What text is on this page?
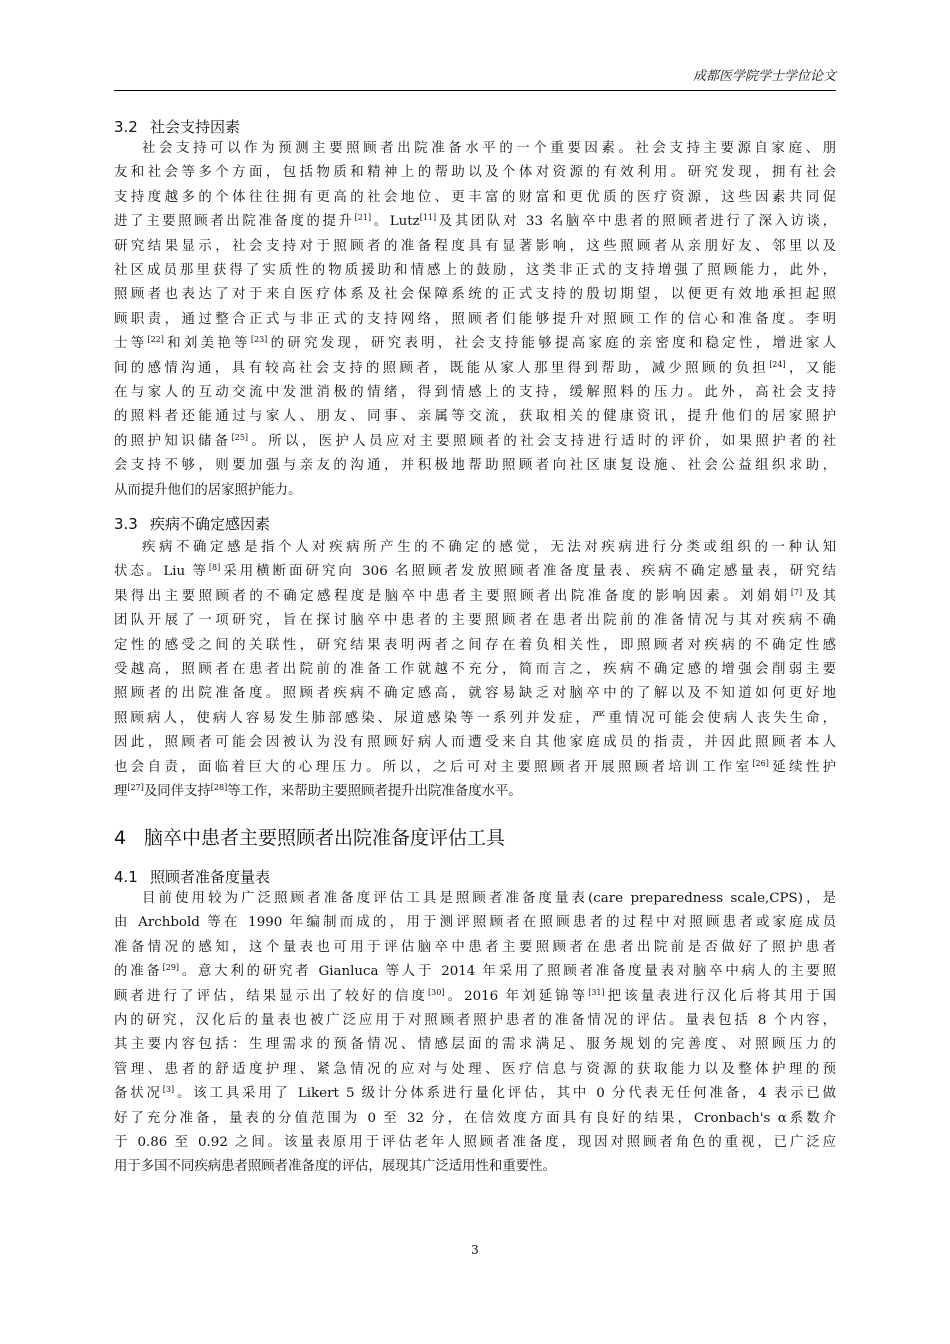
成都医学院学士学位论文
3.2 社会支持因素
社会支持可以作为预测主要照顾者出院准备水平的一个重要因素。社会支持主要源自家庭、朋
友和社会等多个方面，包括物质和精神上的帮助以及个体对资源的有效利用。研究发现，拥有社会
支持度越多的个体往往拥有更高的社会地位、更丰富的财富和更优质的医疗资源，这些因素共同促
进了主要照顾者出院准备度的提升[21]。Lutz[11]及其团队对 33 名脑卒中患者的照顾者进行了深入访谈，
研究结果显示，社会支持对于照顾者的准备程度具有显著影响，这些照顾者从亲朋好友、邻里以及
社区成员那里获得了实质性的物质援助和情感上的鼓励，这类非正式的支持增强了照顾能力，此外，
照顾者也表达了对于来自医疗体系及社会保障系统的正式支持的殷切期望，以便更有效地承担起照
顾职责，通过整合正式与非正式的支持网络，照顾者们能够提升对照顾工作的信心和准备度。李明
士等[22]和刘美艳等[23]的研究发现，研究表明，社会支持能够提高家庭的亲密度和稳定性，增进家人
间的感情沟通，具有较高社会支持的照顾者，既能从家人那里得到帮助，减少照顾的负担[24]，又能
在与家人的互动交流中发泄消极的情绪，得到情感上的支持，缓解照料的压力。此外，高社会支持
的照料者还能通过与家人、朋友、同事、亲属等交流，获取相关的健康资讯，提升他们的居家照护
的照护知识储备[25]。所以，医护人员应对主要照顾者的社会支持进行适时的评价，如果照护者的社
会支持不够，则要加强与亲友的沟通，并积极地帮助照顾者向社区康复设施、社会公益组织求助，
从而提升他们的居家照护能力。
3.3 疾病不确定感因素
疾病不确定感是指个人对疾病所产生的不确定的感觉，无法对疾病进行分类或组织的一种认知
状态。Liu 等[8]采用横断面研究向 306 名照顾者发放照顾者准备度量表、疾病不确定感量表，研究结
果得出主要照顾者的不确定感程度是脑卒中患者主要照顾者出院准备度的影响因素。刘娟娟[7]及其
团队开展了一项研究，旨在探讨脑卒中患者的主要照顾者在患者出院前的准备情况与其对疾病不确
定性的感受之间的关联性，研究结果表明两者之间存在着负相关性，即照顾者对疾病的不确定性感
受越高，照顾者在患者出院前的准备工作就越不充分，简而言之，疾病不确定感的增强会削弱主要
照顾者的出院准备度。照顾者疾病不确定感高，就容易缺乏对脑卒中的了解以及不知道如何更好地
照顾病人，使病人容易发生肺部感染、尿道感染等一系列并发症，严重情况可能会使病人丧失生命，
因此，照顾者可能会因被认为没有照顾好病人而遭受来自其他家庭成员的指责，并因此照顾者本人
也会自责，面临着巨大的心理压力。所以，之后可对主要照顾者开展照顾者培训工作室[26]延续性护
理[27]及同伴支持[28]等工作，来帮助主要照顾者提升出院准备度水平。
4 脑卒中患者主要照顾者出院准备度评估工具
4.1 照顾者准备度量表
目前使用较为广泛照顾者准备度评估工具是照顾者准备度量表(care preparedness scale,CPS)，是
由 Archbold 等在 1990 年编制而成的，用于测评照顾者在照顾患者的过程中对照顾患者或家庭成员
准备情况的感知，这个量表也可用于评估脑卒中患者主要照顾者在患者出院前是否做好了照护患者
的准备[29]。意大利的研究者 Gianluca 等人于 2014 年采用了照顾者准备度量表对脑卒中病人的主要照
顾者进行了评估，结果显示出了较好的信度[30]。2016 年刘延锦等[31]把该量表进行汉化后将其用于国
内的研究，汉化后的量表也被广泛应用于对照顾者照护患者的准备情况的评估。量表包括 8 个内容，
其主要内容包括：生理需求的预备情况、情感层面的需求满足、服务规划的完善度、对照顾压力的
管理、患者的舒适度护理、紧急情况的应对与处理、医疗信息与资源的获取能力以及整体护理的预
备状况[3]。该工具采用了 Likert 5 级计分体系进行量化评估，其中 0 分代表无任何准备，4 表示已做
好了充分准备，量表的分值范围为 0 至 32 分，在信效度方面具有良好的结果，Cronbach's α系数介
于 0.86 至 0.92 之间。该量表原用于评估老年人照顾者准备度，现因对照顾者角色的重视，已广泛应
用于多国不同疾病患者照顾者准备度的评估，展现其广泛适用性和重要性。
3
